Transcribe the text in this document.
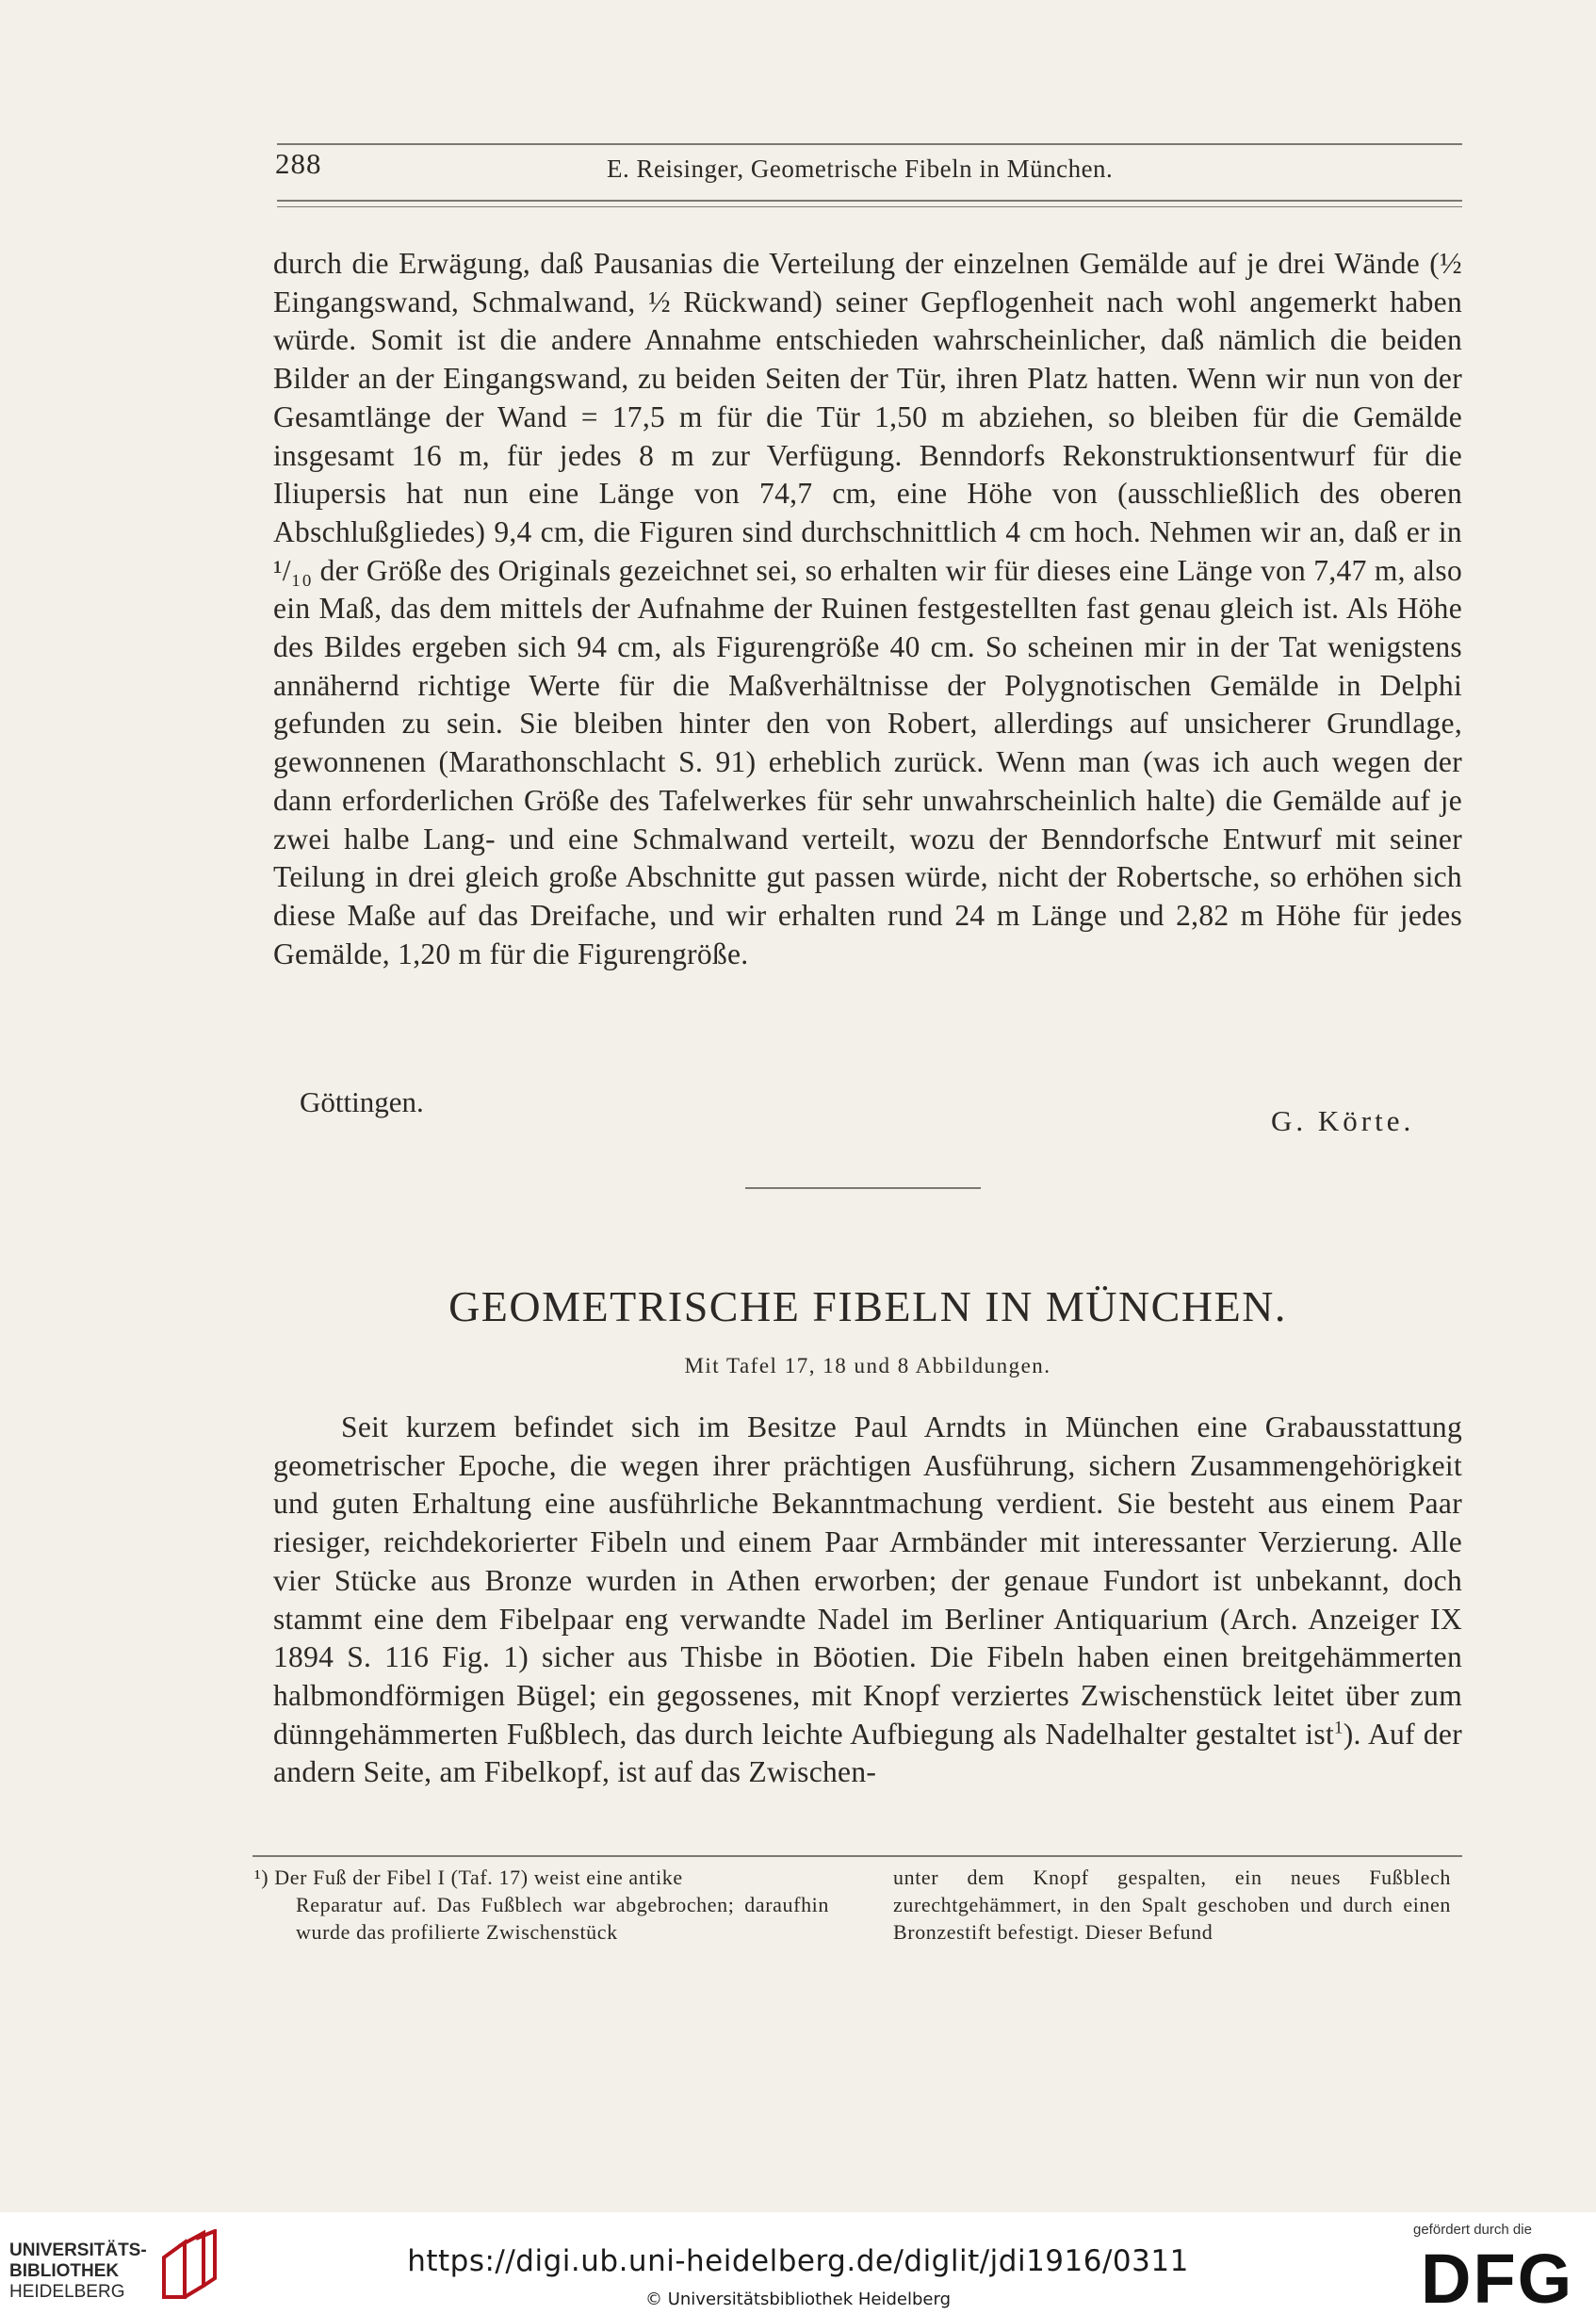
288	E. Reisinger, Geometrische Fibeln in München.
durch die Erwägung, daß Pausanias die Verteilung der einzelnen Gemälde auf je drei Wände (½ Eingangswand, Schmalwand, ½ Rückwand) seiner Gepflogenheit nach wohl angemerkt haben würde. Somit ist die andere Annahme entschieden wahrscheinlicher, daß nämlich die beiden Bilder an der Eingangswand, zu beiden Seiten der Tür, ihren Platz hatten. Wenn wir nun von der Gesamtlänge der Wand = 17,5 m für die Tür 1,50 m abziehen, so bleiben für die Gemälde insgesamt 16 m, für jedes 8 m zur Verfügung. Benndorfs Rekonstruktionsentwurf für die Iliupersis hat nun eine Länge von 74,7 cm, eine Höhe von (ausschließlich des oberen Abschlußgliedes) 9,4 cm, die Figuren sind durchschnittlich 4 cm hoch. Nehmen wir an, daß er in ¹/₁₀ der Größe des Originals gezeichnet sei, so erhalten wir für dieses eine Länge von 7,47 m, also ein Maß, das dem mittels der Aufnahme der Ruinen festgestellten fast genau gleich ist. Als Höhe des Bildes ergeben sich 94 cm, als Figurengröße 40 cm. So scheinen mir in der Tat wenigstens annähernd richtige Werte für die Maßverhältnisse der Polygnotischen Gemälde in Delphi gefunden zu sein. Sie bleiben hinter den von Robert, allerdings auf unsicherer Grundlage, gewonnenen (Marathonschlacht S. 91) erheblich zurück. Wenn man (was ich auch wegen der dann erforderlichen Größe des Tafelwerkes für sehr unwahrscheinlich halte) die Gemälde auf je zwei halbe Lang- und eine Schmalwand verteilt, wozu der Benndorfsche Entwurf mit seiner Teilung in drei gleich große Abschnitte gut passen würde, nicht der Robertsche, so erhöhen sich diese Maße auf das Dreifache, und wir erhalten rund 24 m Länge und 2,82 m Höhe für jedes Gemälde, 1,20 m für die Figurengröße.
Göttingen.
G. Körte.
GEOMETRISCHE FIBELN IN MÜNCHEN.
Mit Tafel 17, 18 und 8 Abbildungen.
Seit kurzem befindet sich im Besitze Paul Arndts in München eine Grabausstattung geometrischer Epoche, die wegen ihrer prächtigen Ausführung, sichern Zusammengehörigkeit und guten Erhaltung eine ausführliche Bekanntmachung verdient. Sie besteht aus einem Paar riesiger, reichdekorierter Fibeln und einem Paar Armbänder mit interessanter Verzierung. Alle vier Stücke aus Bronze wurden in Athen erworben; der genaue Fundort ist unbekannt, doch stammt eine dem Fibelpaar eng verwandte Nadel im Berliner Antiquarium (Arch. Anzeiger IX 1894 S. 116 Fig. 1) sicher aus Thisbe in Böotien. Die Fibeln haben einen breitgehämmerten halbmondförmigen Bügel; ein gegossenes, mit Knopf verziertes Zwischenstück leitet über zum dünngehämmerten Fußblech, das durch leichte Aufbiegung als Nadelhalter gestaltet ist$^1$). Auf der andern Seite, am Fibelkopf, ist auf das Zwischen-
¹) Der Fuß der Fibel I (Taf. 17) weist eine antike
Reparatur auf. Das Fußblech war abgebrochen; daraufhin wurde das profilierte Zwischenstück
unter dem Knopf gespalten, ein neues Fußblech zurechtgehämmert, in den Spalt geschoben und durch einen Bronzestift befestigt. Dieser Befund
UNIVERSITÄTS-
BIBLIOTHEK
HEIDELBERG
https://digi.ub.uni-heidelberg.de/diglit/jdi1916/0311
© Universitätsbibliothek Heidelberg
gefördert durch die
DFG
